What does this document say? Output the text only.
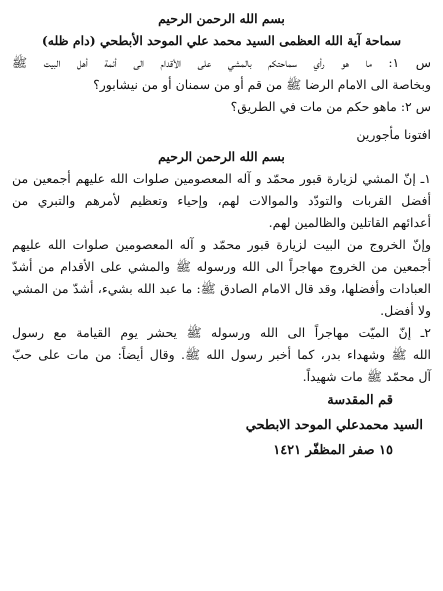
بسم الله الرحمن الرحيم

سماحة آية الله العظمى السيد محمد علي الموحد الأبطحي (دام ظله)

س ١: ما هو رأي سماحتكم بالمشي على الأقدام الى أئمة أهل البيت ﷺ

وبخاصة الى الامام الرضا ﷺ من قم أو من سمنان أو من نيشابور؟

س ٢: ماهو حكم من مات في الطريق؟

افتونا مأجورين

بسم الله الرحمن الرحيم

١ـ إنّ المشي لزيارة قبور محمّد و آله المعصومين صلوات الله عليهم أجمعين من

أفضل القربات والتودّد والموالات لهم، وإحياء وتعظيم لأمرهم والتبري من

أعدائهم القاتلين والظالمين لهم.

وإنّ الخروج من البيت لزيارة قبور محمّد و آله المعصومين صلوات الله عليهم

أجمعين من الخروج مهاجراً الى الله ورسوله ﷺ والمشي على الأقدام من أشدّ

العبادات وأفضلها، وقد قال الامام الصادق ﷺ: ما عبد الله بشيء، أشدّ من المشي

ولا أفضل.

٢ـ إنّ الميّت مهاجراً الى الله ورسوله ﷺ يحشر يوم القيامة مع رسول

الله ﷺ وشهداء بدر، كما أخبر رسول الله ﷺ. وقال أيضاً: من مات على حبّ

آل محمّد ﷺ مات شهيداً.

قم المقدسة

السيد محمدعلي الموحد الابطحي

١٥ صفر المظفّر ١٤٢١
